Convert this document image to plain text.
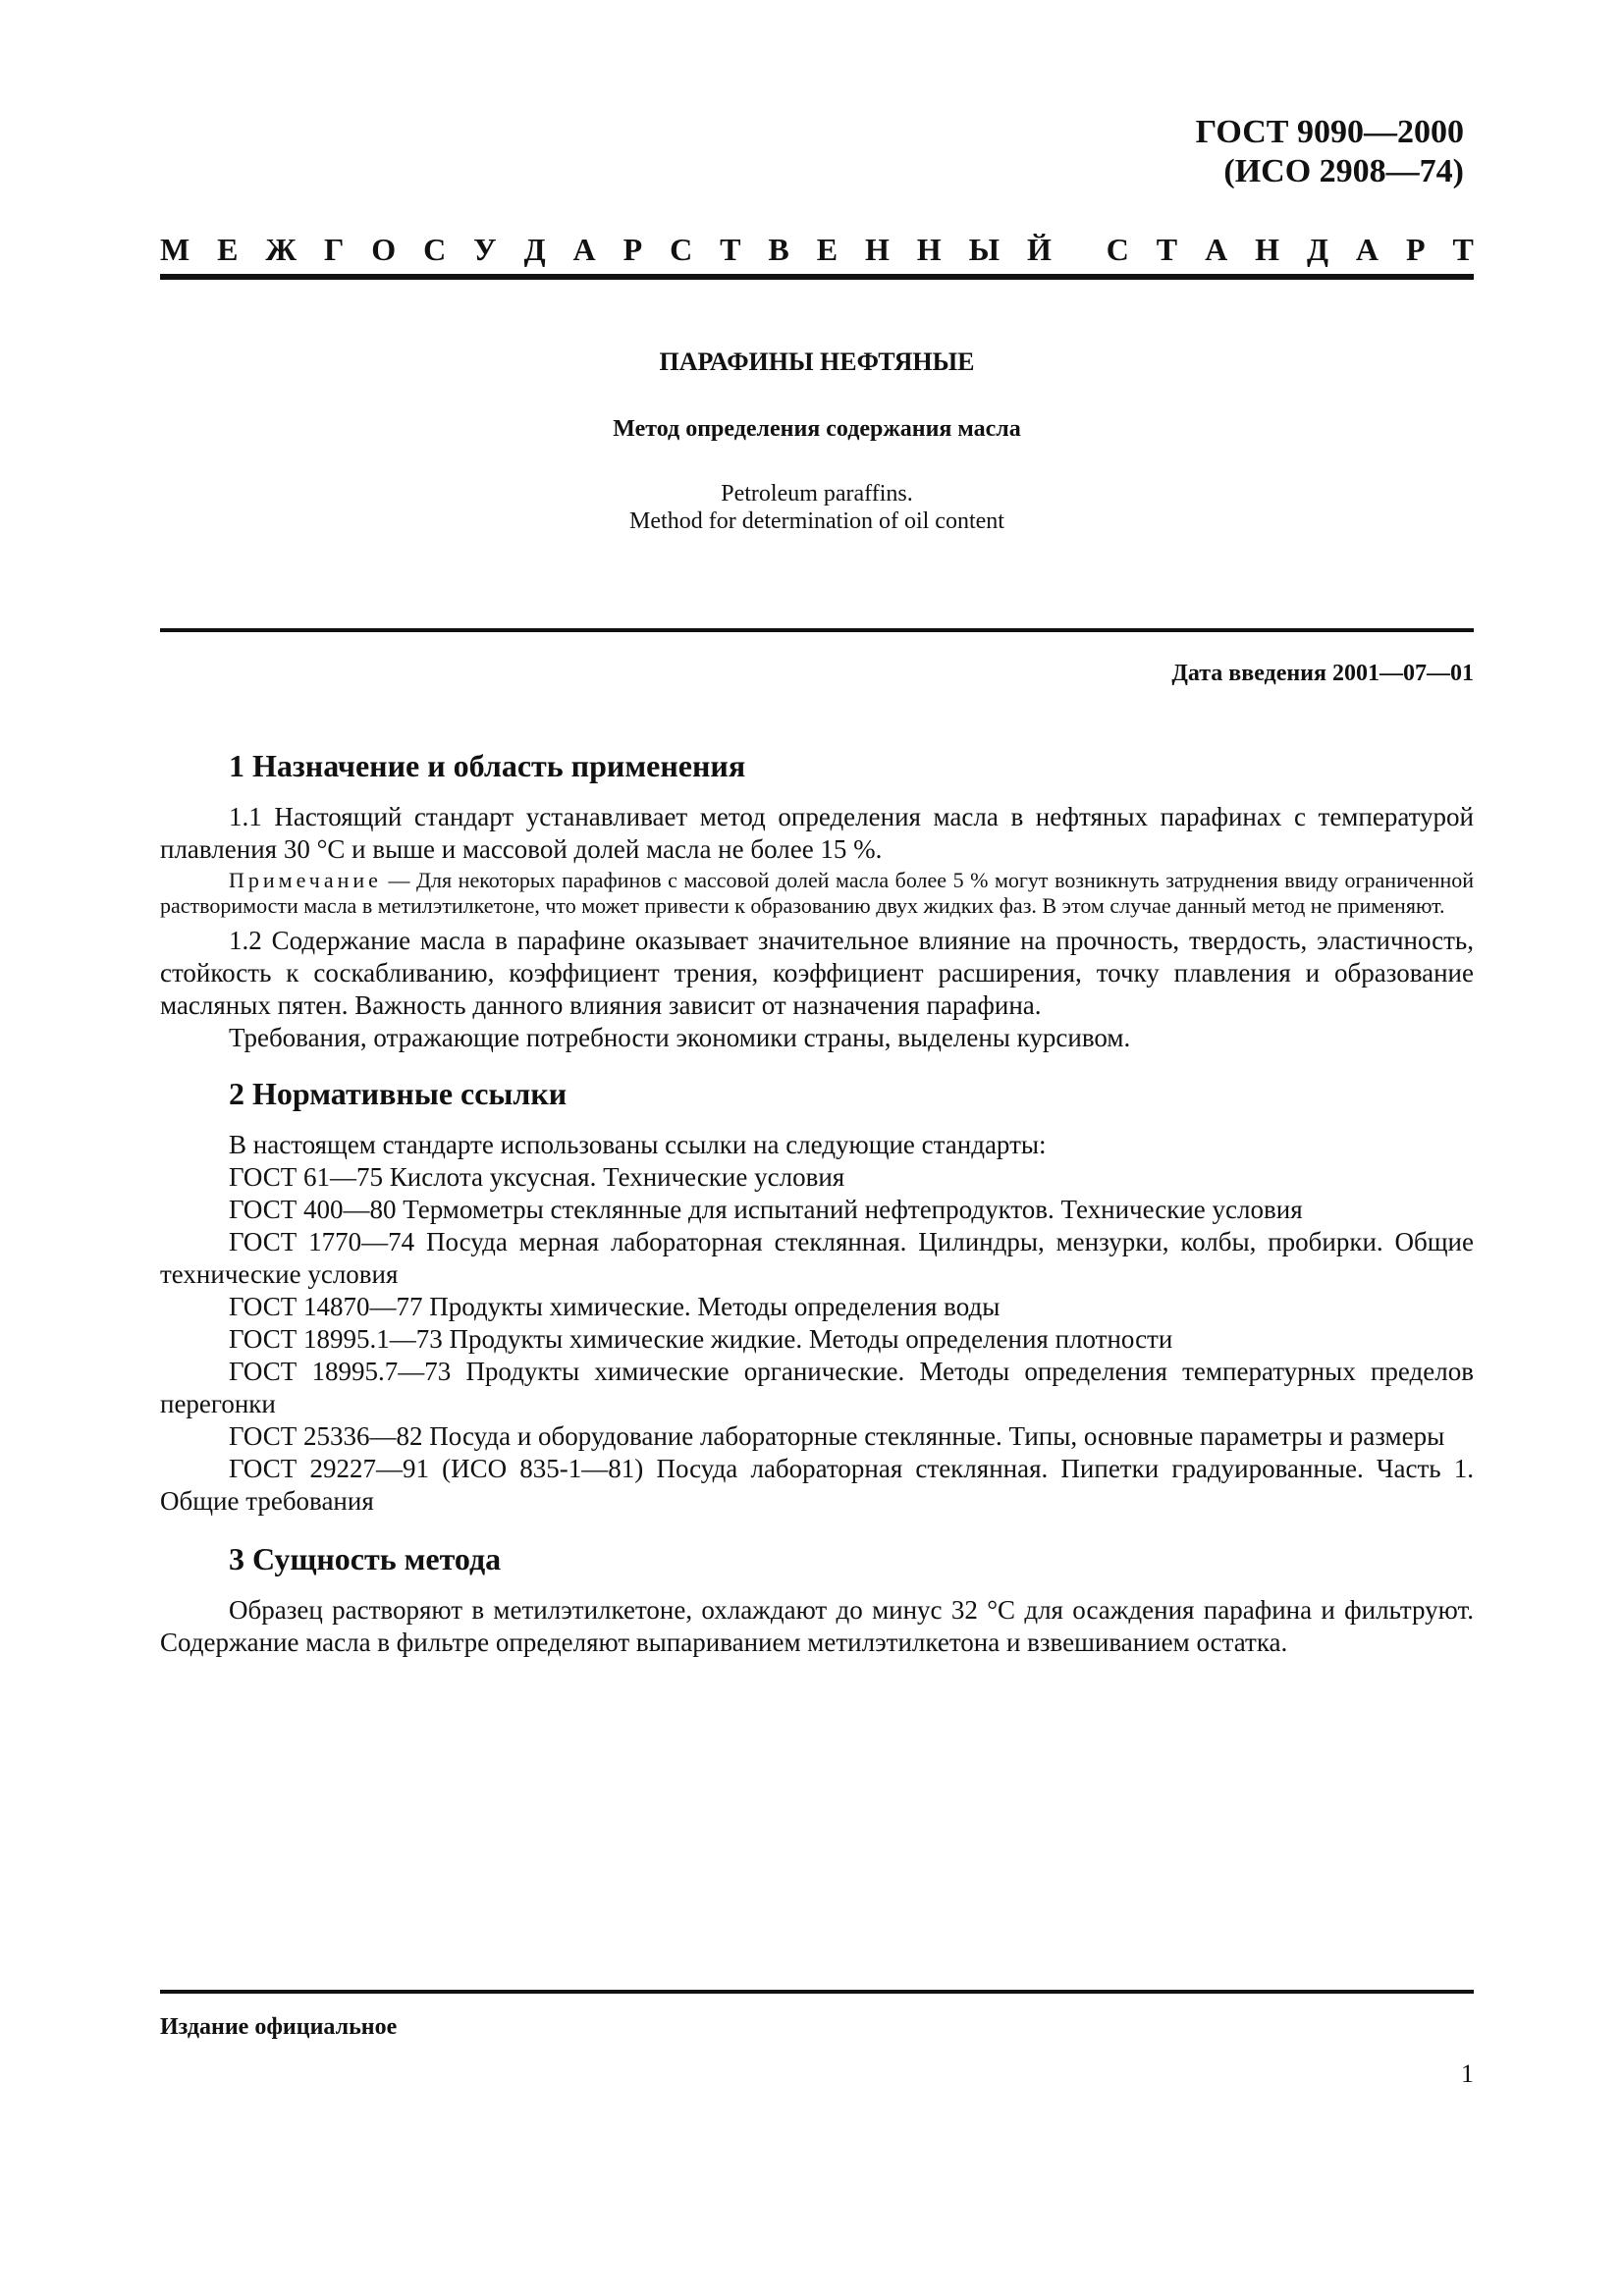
ГОСТ 9090—2000
(ИСО 2908—74)
М Е Ж Г О С У Д А Р С Т В Е Н Н Ы Й С Т А Н Д А Р Т
ПАРАФИНЫ НЕФТЯНЫЕ
Метод определения содержания масла
Petroleum paraffins.
Method for determination of oil content
Дата введения 2001—07—01
1 Назначение и область применения

1.1 Настоящий стандарт устанавливает метод определения масла в нефтяных парафинах с температурой плавления 30 °С и выше и массовой долей масла не более 15 %.

Примечание — Для некоторых парафинов с массовой долей масла более 5 % могут возникнуть затруднения ввиду ограниченной растворимости масла в метилэтилкетоне, что может привести к образованию двух жидких фаз. В этом случае данный метод не применяют.

1.2 Содержание масла в парафине оказывает значительное влияние на прочность, твердость, эластичность, стойкость к соскабливанию, коэффициент трения, коэффициент расширения, точку плавления и образование масляных пятен. Важность данного влияния зависит от назначения парафина.

Требования, отражающие потребности экономики страны, выделены курсивом.

2 Нормативные ссылки

В настоящем стандарте использованы ссылки на следующие стандарты:

ГОСТ 61—75 Кислота уксусная. Технические условия

ГОСТ 400—80 Термометры стеклянные для испытаний нефтепродуктов. Технические условия

ГОСТ 1770—74 Посуда мерная лабораторная стеклянная. Цилиндры, мензурки, колбы, пробирки. Общие технические условия

ГОСТ 14870—77 Продукты химические. Методы определения воды

ГОСТ 18995.1—73 Продукты химические жидкие. Методы определения плотности

ГОСТ 18995.7—73 Продукты химические органические. Методы определения температурных пределов перегонки

ГОСТ 25336—82 Посуда и оборудование лабораторные стеклянные. Типы, основные параметры и размеры

ГОСТ 29227—91 (ИСО 835-1—81) Посуда лабораторная стеклянная. Пипетки градуированные. Часть 1. Общие требования

3 Сущность метода

Образец растворяют в метилэтилкетоне, охлаждают до минус 32 °С для осаждения парафина и фильтруют. Содержание масла в фильтре определяют выпариванием метилэтилкетона и взвешиванием остатка.

Издание официальное
1
